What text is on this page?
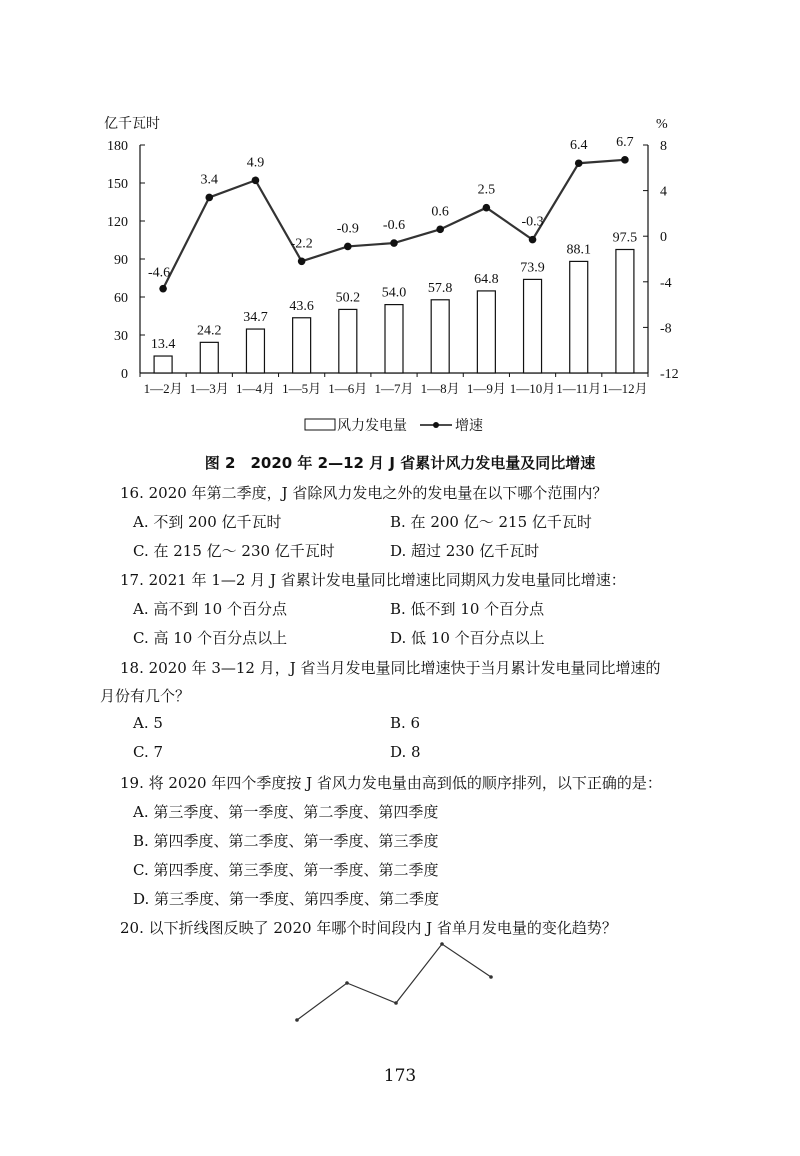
0
30
60
90
120
150
180
-12
-8
-4
0
4
8
亿千瓦时	%
1—2月 1—3月 1—4月 1—5月 1—6月 1—7月 1—8月 1—9月 1—10月 1—11月 1—12月
13.4
24.2
34.7
43.6
50.2 54.0 57.8
64.8
73.9
88.1
97.5
-4.6
3.4
4.9
-2.2
-0.9 -0.6
0.6
2.5
-0.3
6.4 6.7
风力发电量	增速
图 2　2020 年 2—12 月 J 省累计风力发电量及同比增速
16. 2020 年第二季度，J 省除风力发电之外的发电量在以下哪个范围内？
A. 不到 200 亿千瓦时	B. 在 200 亿～ 215 亿千瓦时
C. 在 215 亿～ 230 亿千瓦时	D. 超过 230 亿千瓦时
17. 2021 年 1—2 月 J 省累计发电量同比增速比同期风力发电量同比增速：
A. 高不到 10 个百分点	B. 低不到 10 个百分点
C. 高 10 个百分点以上	D. 低 10 个百分点以上
18. 2020 年 3—12 月，J 省当月发电量同比增速快于当月累计发电量同比增速的
月份有几个？
A. 5	B. 6
C. 7	D. 8
19. 将 2020 年四个季度按 J 省风力发电量由高到低的顺序排列，以下正确的是：
A. 第三季度、第一季度、第二季度、第四季度
B. 第四季度、第二季度、第一季度、第三季度
C. 第四季度、第三季度、第一季度、第二季度
D. 第三季度、第一季度、第四季度、第二季度
20. 以下折线图反映了 2020 年哪个时间段内 J 省单月发电量的变化趋势？
173
